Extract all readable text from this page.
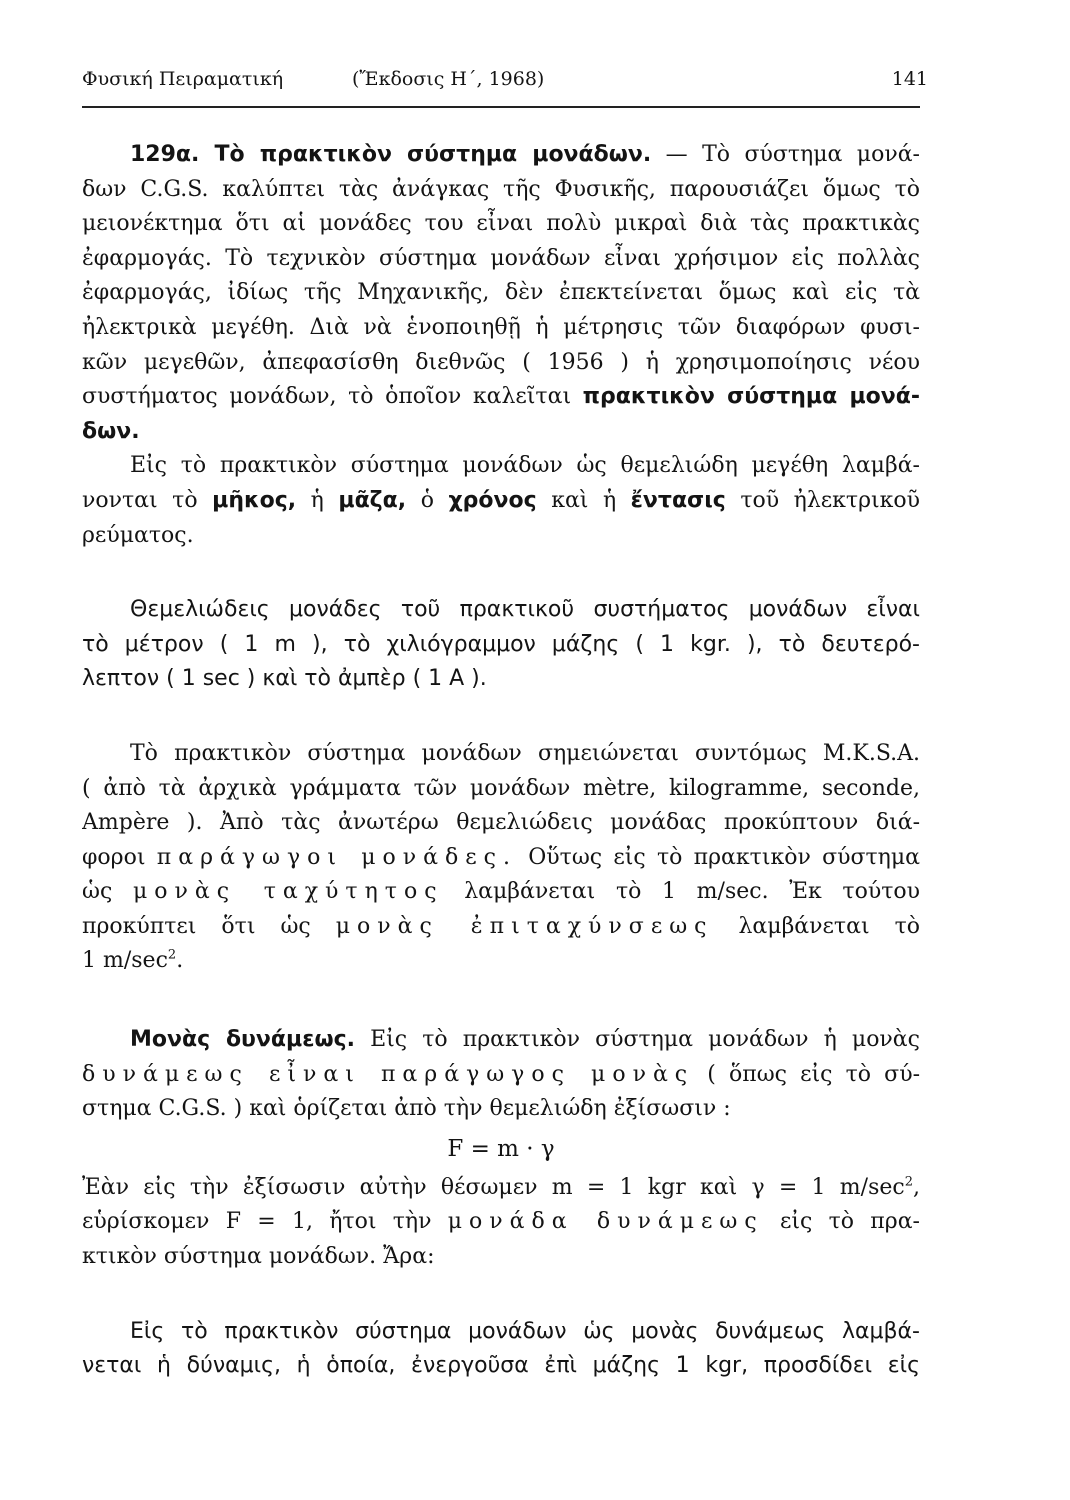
Φυσική Πειραματική	(Ἔκδοσις Η΄, 1968)	141
129α. Τὸ πρακτικὸν σύστημα μονάδων. — Τὸ σύστημα μονά-
δων C.G.S. καλύπτει τὰς ἀνάγκας τῆς Φυσικῆς, παρουσιάζει ὅμως τὸ
μειονέκτημα ὅτι αἱ μονάδες του εἶναι πολὺ μικραὶ διὰ τὰς πρακτικὰς
ἐφαρμογάς. Τὸ τεχνικὸν σύστημα μονάδων εἶναι χρήσιμον εἰς πολλὰς
ἐφαρμογάς, ἰδίως τῆς Μηχανικῆς, δὲν ἐπεκτείνεται ὅμως καὶ εἰς τὰ
ἠλεκτρικὰ μεγέθη. Διὰ νὰ ἑνοποιηθῇ ἡ μέτρησις τῶν διαφόρων φυσι-
κῶν μεγεθῶν, ἀπεφασίσθη διεθνῶς ( 1956 ) ἡ χρησιμοποίησις νέου
συστήματος μονάδων, τὸ ὁποῖον καλεῖται πρακτικὸν σύστημα μονά-
δων.
Εἰς τὸ πρακτικὸν σύστημα μονάδων ὡς θεμελιώδη μεγέθη λαμβά-
νονται τὸ μῆκος, ἡ μᾶζα, ὁ χρόνος καὶ ἡ ἔντασις τοῦ ἠλεκτρικοῦ
ρεύματος.
Θεμελιώδεις μονάδες τοῦ πρακτικοῦ συστήματος μονάδων εἶναι
τὸ μέτρον ( 1 m ), τὸ χιλιόγραμμον μάζης ( 1 kgr. ), τὸ δευτερό-
λεπτον ( 1 sec ) καὶ τὸ ἀμπὲρ ( 1 A ).
Τὸ πρακτικὸν σύστημα μονάδων σημειώνεται συντόμως M.K.S.A.
( ἀπὸ τὰ ἀρχικὰ γράμματα τῶν μονάδων mètre, kilogramme, seconde,
Ampère ). Ἀπὸ τὰς ἀνωτέρω θεμελιώδεις μονάδας προκύπτουν διά-
φοροι παράγωγοι μονάδες. Οὕτως εἰς τὸ πρακτικὸν σύστημα
ὡς μονὰς ταχύτητος λαμβάνεται τὸ 1 m/sec. Ἐκ τούτου
προκύπτει ὅτι ὡς μονὰς ἐπιταχύνσεως λαμβάνεται τὸ
1 $m/\sec^2$.
Μονὰς δυνάμεως. Εἰς τὸ πρακτικὸν σύστημα μονάδων ἡ μονὰς
δυνάμεως εἶναι παράγωγος μονὰς ( ὅπως εἰς τὸ σύ-
στημα C.G.S. ) καὶ ὁρίζεται ἀπὸ τὴν θεμελιώδη ἐξίσωσιν :
F = m · γ
Ἐὰν εἰς τὴν ἐξίσωσιν αὐτὴν θέσωμεν m = 1 kgr καὶ γ = 1 $m/\sec^2$,
εὑρίσκομεν F = 1, ἤτοι τὴν μονάδα δυνάμεως εἰς τὸ πρα-
κτικὸν σύστημα μονάδων. Ἄρα:
Εἰς τὸ πρακτικὸν σύστημα μονάδων ὡς μονὰς δυνάμεως λαμβά-
νεται ἡ δύναμις, ἡ ὁποία, ἐνεργοῦσα ἐπὶ μάζης 1 kgr, προσδίδει εἰς
